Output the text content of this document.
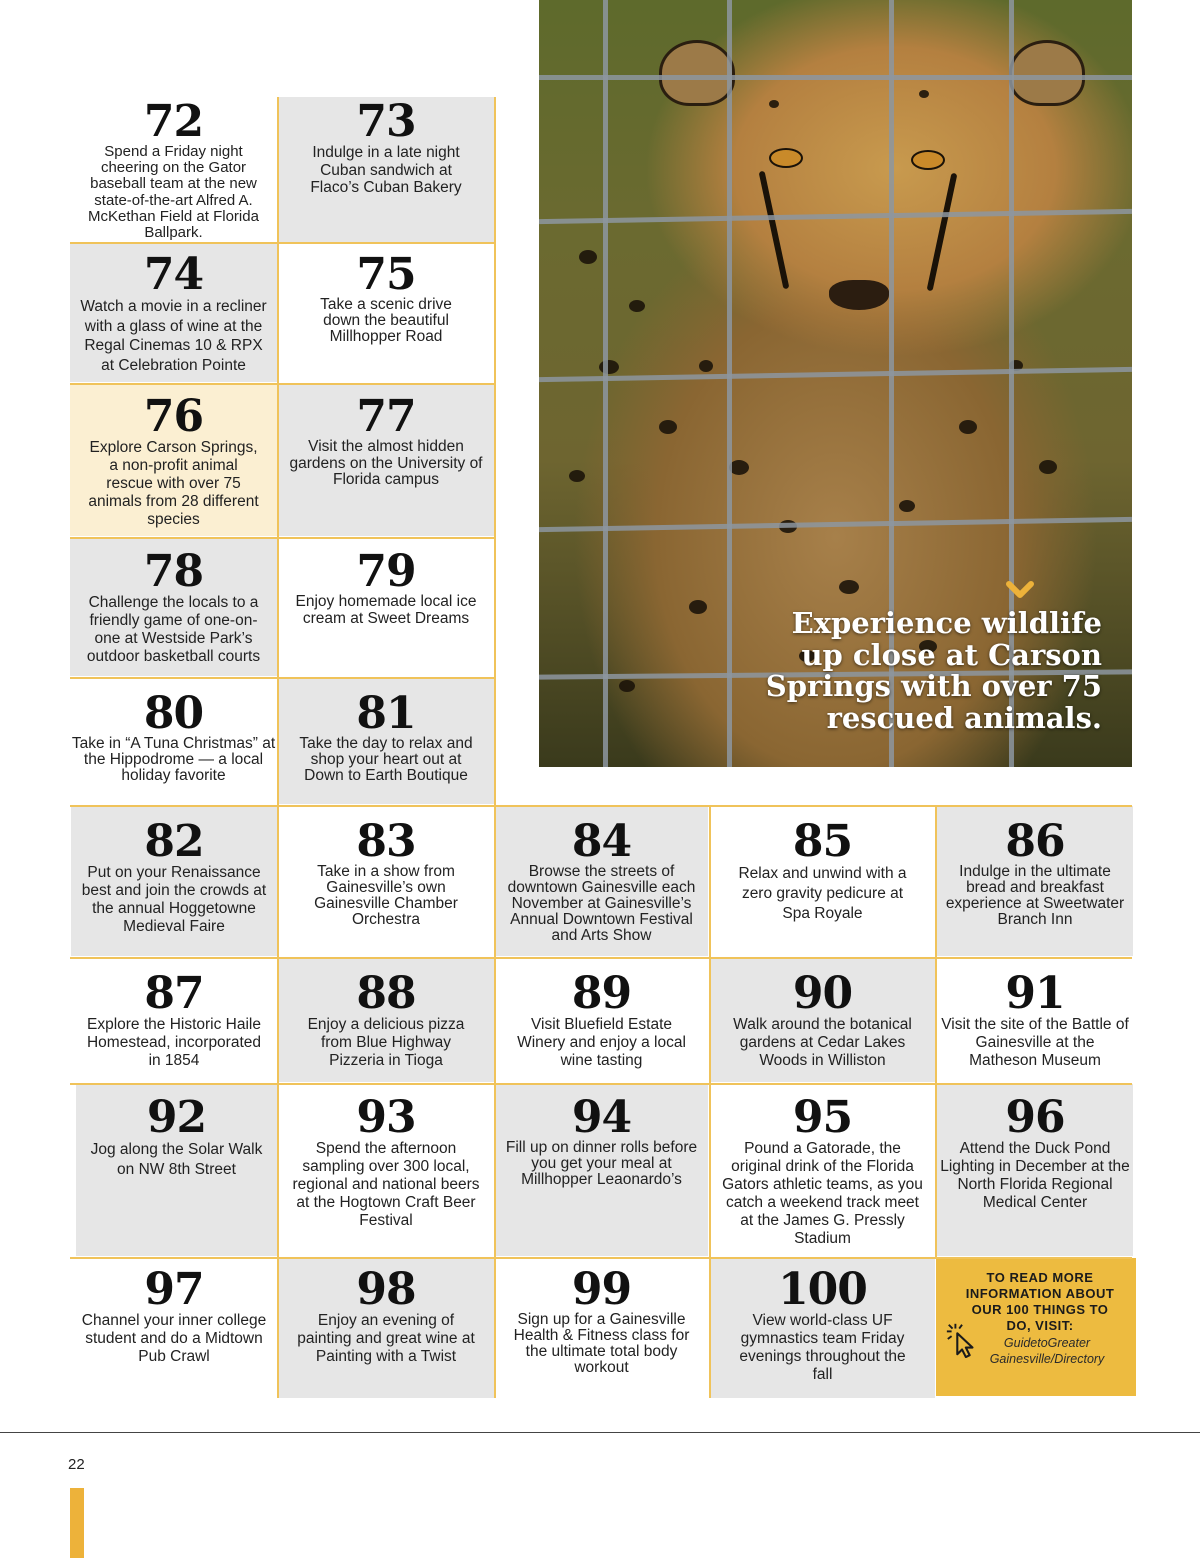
72
Spend a Friday night cheering on the Gator baseball team at the new state-of-the-art Alfred A. McKethan Field at Florida Ballpark.
73
Indulge in a late night Cuban sandwich at Flaco’s Cuban Bakery
74
Watch a movie in a recliner with a glass of wine at the Regal Cinemas 10 & RPX at Celebration Pointe
75
Take a scenic drive down the beautiful Millhopper Road
76
Explore Carson Springs, a non-profit animal rescue with over 75 animals from 28 different species
77
Visit the almost hidden gardens on the University of Florida campus
78
Challenge the locals to a friendly game of one-on-one at Westside Park’s outdoor basketball courts
79
Enjoy homemade local ice cream at Sweet Dreams
80
Take in “A Tuna Christmas” at the Hippodrome — a local holiday favorite
81
Take the day to relax and shop your heart out at Down to Earth Boutique
Experience wildlife up close at Carson Springs with over 75 rescued animals.
82
Put on your Renaissance best and join the crowds at the annual Hoggetowne Medieval Faire
83
Take in a show from Gainesville’s own Gainesville Chamber Orchestra
84
Browse the streets of downtown Gainesville each November at Gainesville’s Annual Downtown Festival and Arts Show
85
Relax and unwind with a zero gravity pedicure at Spa Royale
86
Indulge in the ultimate bread and breakfast experience at Sweetwater Branch Inn
87
Explore the Historic Haile Homestead, incorporated in 1854
88
Enjoy a delicious pizza from Blue Highway Pizzeria in Tioga
89
Visit Bluefield Estate Winery and enjoy a local wine tasting
90
Walk around the botanical gardens at Cedar Lakes Woods in Williston
91
Visit the site of the Battle of Gainesville at the Matheson Museum
92
Jog along the Solar Walk on NW 8th Street
93
Spend the afternoon sampling over 300 local, regional and national beers at the Hogtown Craft Beer Festival
94
Fill up on dinner rolls before you get your meal at Millhopper Leaonardo’s
95
Pound a Gatorade, the original drink of the Florida Gators athletic teams, as you catch a weekend track meet at the James G. Pressly Stadium
96
Attend the Duck Pond Lighting in December at the North Florida Regional Medical Center
97
Channel your inner college student and do a Midtown Pub Crawl
98
Enjoy an evening of painting and great wine at Painting with a Twist
99
Sign up for a Gainesville Health & Fitness class for the ultimate total body workout
100
View world-class UF gymnastics team Friday evenings throughout the fall
TO READ MORE INFORMATION ABOUT OUR 100 THINGS TO DO, VISIT:
GuidetoGreater Gainesville/Directory
22
